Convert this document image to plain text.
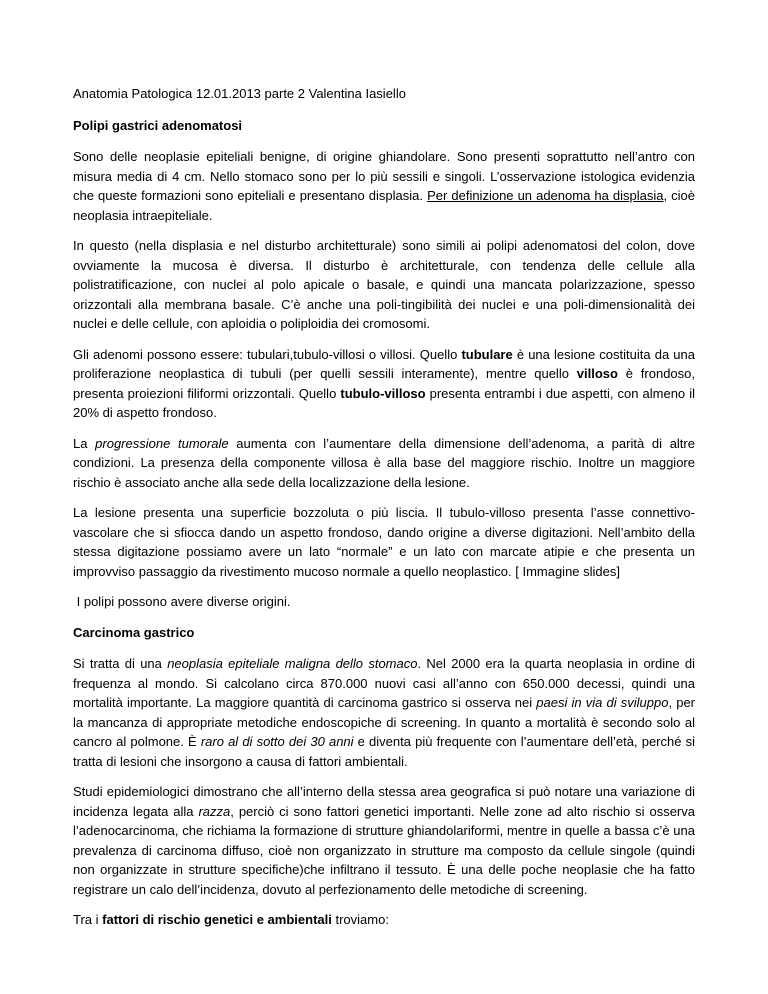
Anatomia Patologica 12.01.2013 parte 2 Valentina Iasiello

Polipi gastrici adenomatosi

Sono delle neoplasie epiteliali benigne, di origine ghiandolare. Sono presenti soprattutto nell’antro con misura media di 4 cm. Nello stomaco sono per lo più sessili e singoli. L’osservazione istologica evidenzia che queste formazioni sono epiteliali e presentano displasia. Per definizione un adenoma ha displasia, cioè neoplasia intraepiteliale.

In questo (nella displasia e nel disturbo architetturale) sono simili ai polipi adenomatosi del colon, dove ovviamente la mucosa è diversa. Il disturbo è architetturale, con tendenza delle cellule alla polistratificazione, con nuclei al polo apicale o basale, e quindi una mancata polarizzazione, spesso orizzontali alla membrana basale. C’è anche una poli-tingibilità dei nuclei e una poli-dimensionalità dei nuclei e delle cellule, con aploidia o poliploidia dei cromosomi.

Gli adenomi possono essere: tubulari,tubulo-villosi o villosi. Quello tubulare è una lesione costituita da una proliferazione neoplastica di tubuli (per quelli sessili interamente), mentre quello villoso è frondoso, presenta proiezioni filiformi orizzontali. Quello tubulo-villoso presenta entrambi i due aspetti, con almeno il 20% di aspetto frondoso.

La progressione tumorale aumenta con l’aumentare della dimensione dell’adenoma, a parità di altre condizioni. La presenza della componente villosa è alla base del maggiore rischio. Inoltre un maggiore rischio è associato anche alla sede della localizzazione della lesione.

La lesione presenta una superficie bozzoluta o più liscia. Il tubulo-villoso presenta l’asse connettivo-vascolare che si sfiocca dando un aspetto frondoso, dando origine a diverse digitazioni. Nell’ambito della stessa digitazione possiamo avere un lato “normale” e un lato con marcate atipie e che presenta un improvviso passaggio da rivestimento mucoso normale a quello neoplastico. [ Immagine slides]

I polipi possono avere diverse origini.

Carcinoma gastrico

Si tratta di una neoplasia epiteliale maligna dello stomaco. Nel 2000 era la quarta neoplasia in ordine di frequenza al mondo. Si calcolano circa 870.000 nuovi casi all’anno con 650.000 decessi, quindi una mortalità importante. La maggiore quantità di carcinoma gastrico si osserva nei paesi in via di sviluppo, per la mancanza di appropriate metodiche endoscopiche di screening. In quanto a mortalità è secondo solo al cancro al polmone. È raro al di sotto dei 30 anni e diventa più frequente con l’aumentare dell’età, perché si tratta di lesioni che insorgono a causa di fattori ambientali.

Studi epidemiologici dimostrano che all’interno della stessa area geografica si può notare una variazione di incidenza legata alla razza, perciò ci sono fattori genetici importanti. Nelle zone ad alto rischio si osserva l’adenocarcinoma, che richiama la formazione di strutture ghiandolariformi, mentre in quelle a bassa c’è una prevalenza di carcinoma diffuso, cioè non organizzato in strutture ma composto da cellule singole (quindi non organizzate in strutture specifiche)che infiltrano il tessuto. È una delle poche neoplasie che ha fatto registrare un calo dell’incidenza, dovuto al perfezionamento delle metodiche di screening.

Tra i fattori di rischio genetici e ambientali troviamo:
